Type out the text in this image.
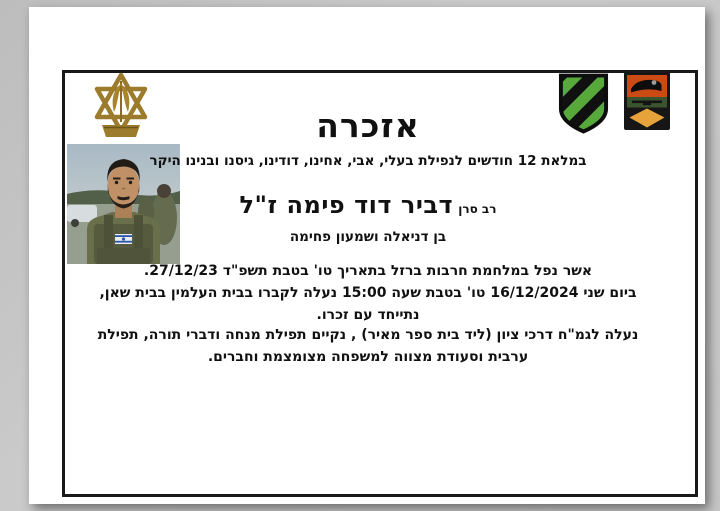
אזכרה
במלאת 12 חודשים לנפילת בעלי, אבי, אחינו, דודינו, גיסנו ובנינו היקר
רב סרן דביר דוד פימה ז"ל
בן דניאלה ושמעון פחימה
אשר נפל במלחמת חרבות ברזל בתאריך טו' בטבת תשפ"ד 27/12/23.
ביום שני 16/12/2024 טו' בטבת שעה 15:00 נעלה לקברו בבית העלמין בבית שאן,
נתייחד עם זכרו.
נעלה לגמ"ח דרכי ציון (ליד בית ספר מאיר) , נקיים תפילת מנחה ודברי תורה, תפילת
ערבית וסעודת מצווה למשפחה מצומצמת וחברים.
